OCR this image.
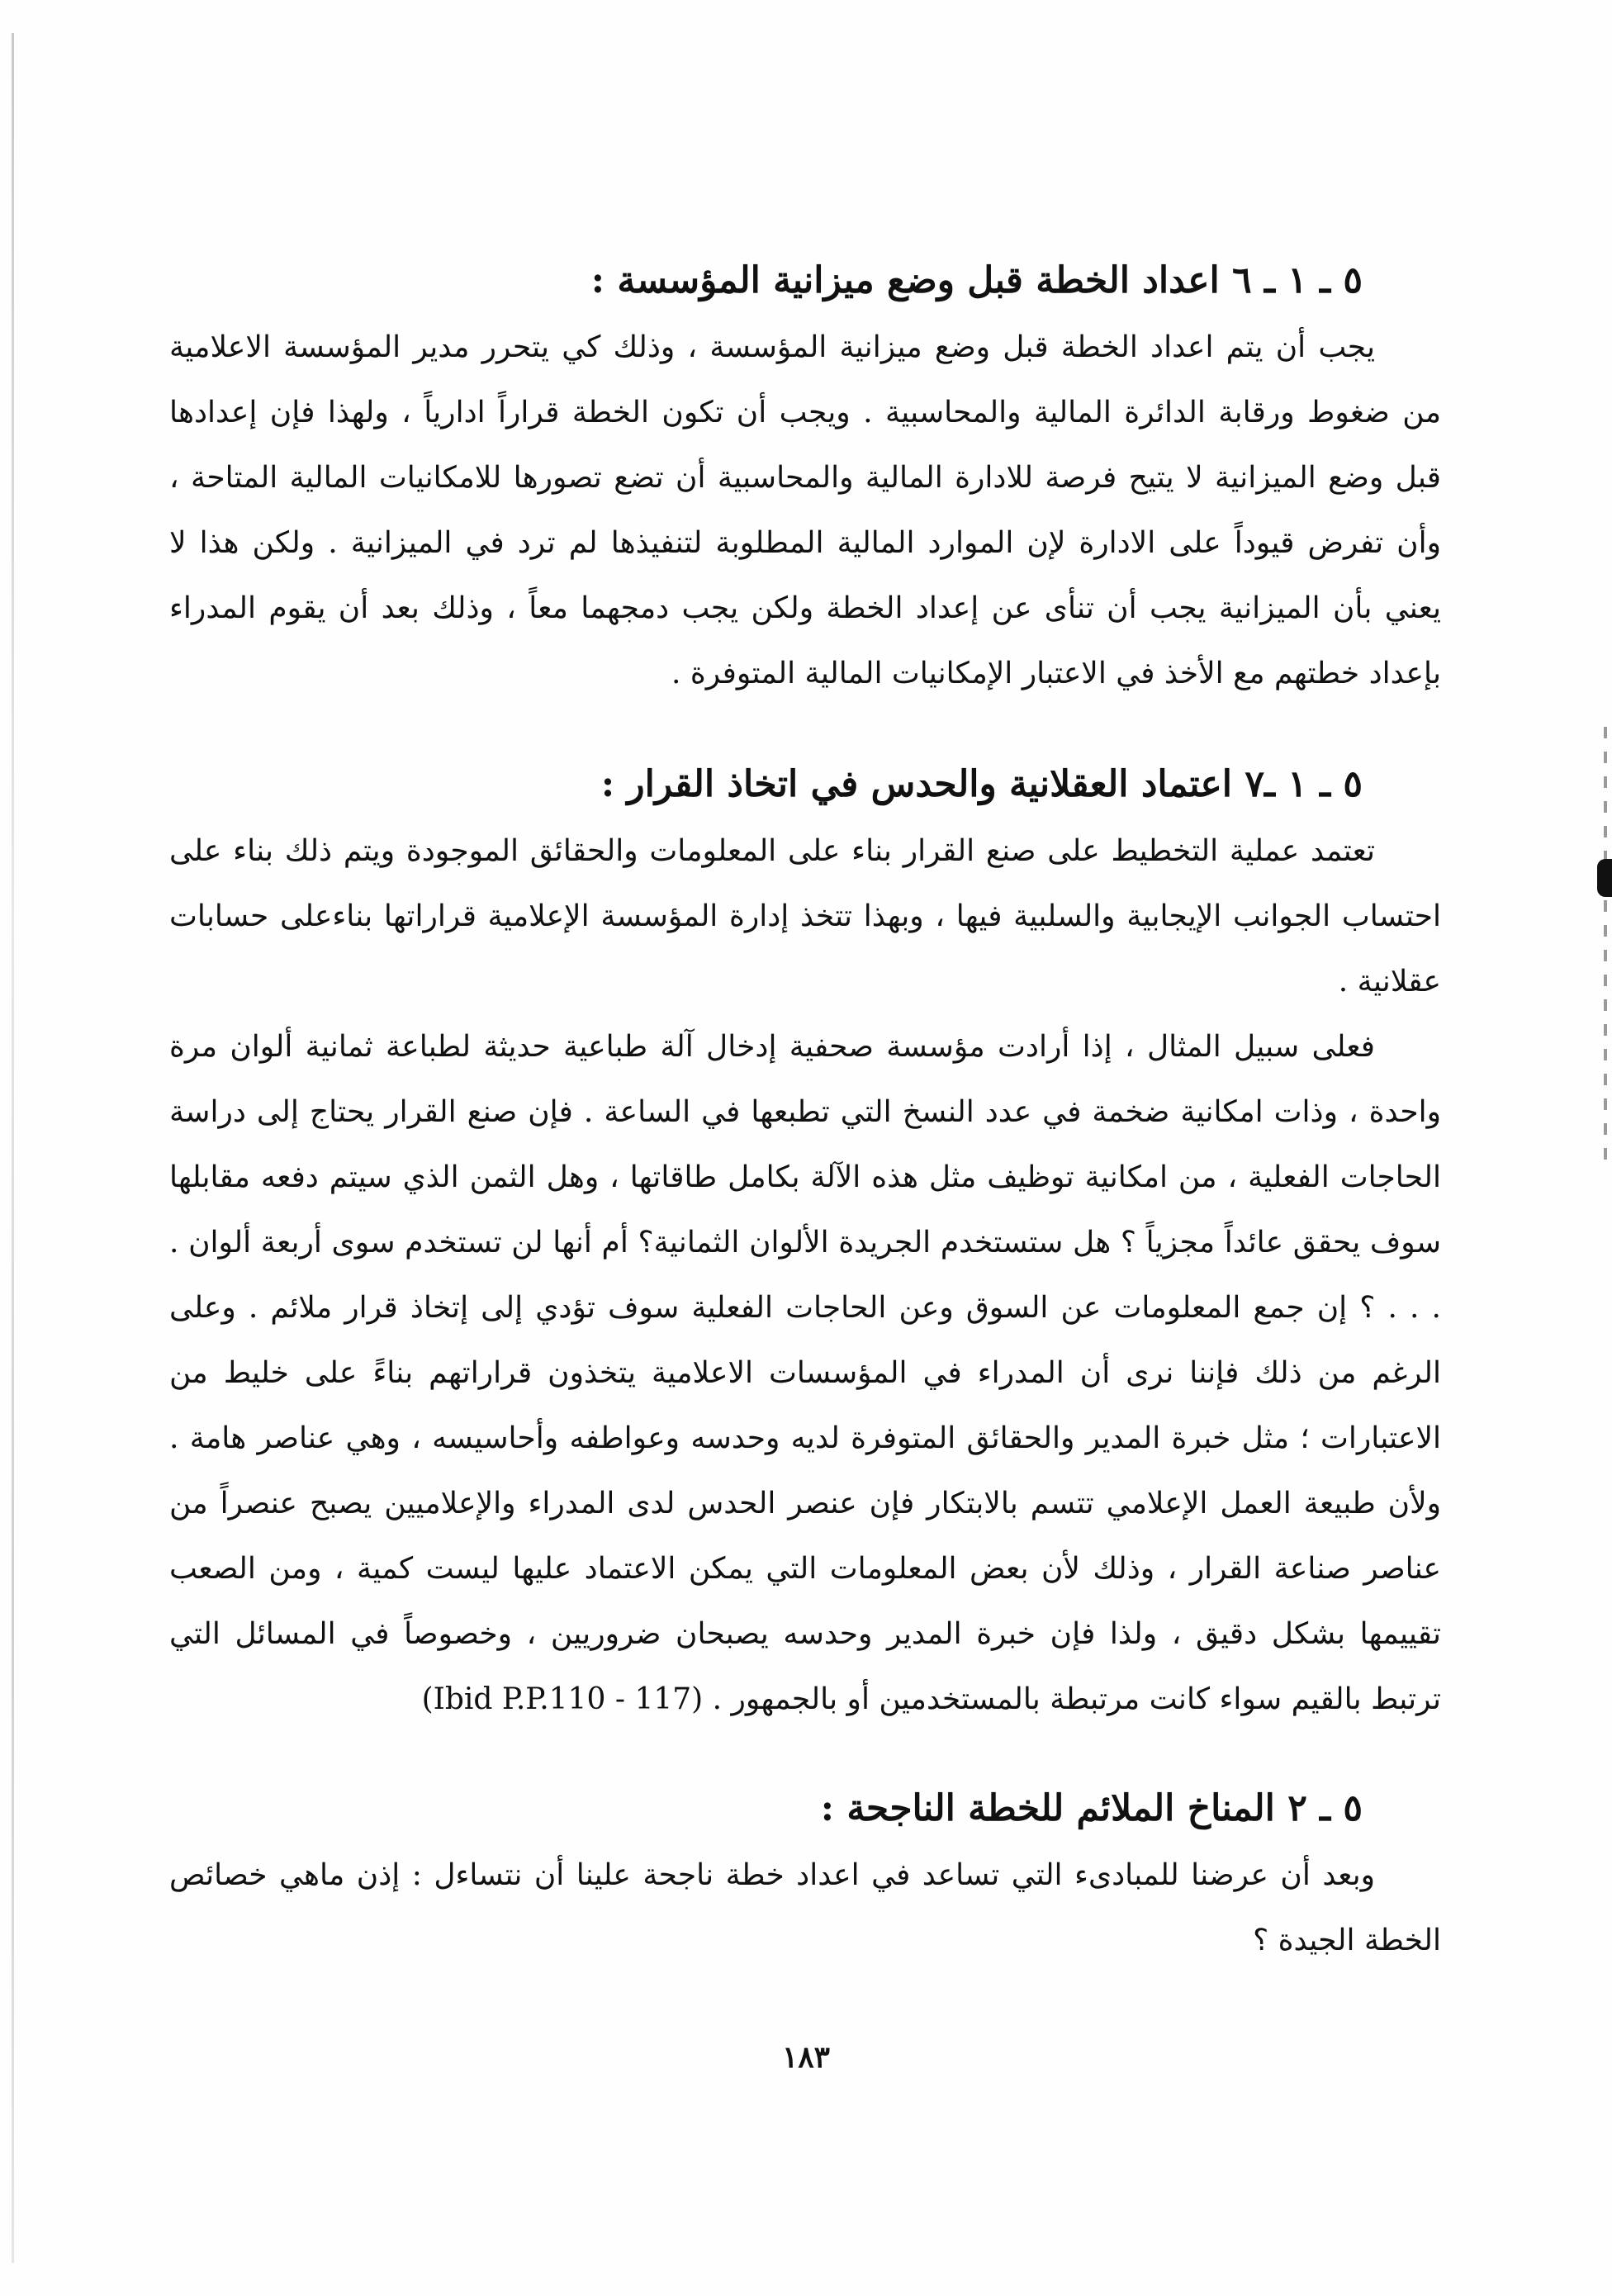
٥ ـ ١ ـ ٦ اعداد الخطة قبل وضع ميزانية المؤسسة :

يجب أن يتم اعداد الخطة قبل وضع ميزانية المؤسسة ، وذلك كي يتحرر مدير المؤسسة الاعلامية من ضغوط ورقابة الدائرة المالية والمحاسبية . ويجب أن تكون الخطة قراراً ادارياً ، ولهذا فإن إعدادها قبل وضع الميزانية لا يتيح فرصة للادارة المالية والمحاسبية أن تضع تصورها للامكانيات المالية المتاحة ، وأن تفرض قيوداً على الادارة لإن الموارد المالية المطلوبة لتنفيذها لم ترد في الميزانية . ولكن هذا لا يعني بأن الميزانية يجب أن تنأى عن إعداد الخطة ولكن يجب دمجهما معاً ، وذلك بعد أن يقوم المدراء بإعداد خطتهم مع الأخذ في الاعتبار الإمكانيات المالية المتوفرة .

٥ ـ ١ ـ٧ اعتماد العقلانية والحدس في اتخاذ القرار :

تعتمد عملية التخطيط على صنع القرار بناء على المعلومات والحقائق الموجودة ويتم ذلك بناء على احتساب الجوانب الإيجابية والسلبية فيها ، وبهذا تتخذ إدارة المؤسسة الإعلامية قراراتها بناءعلى حسابات عقلانية .

فعلى سبيل المثال ، إذا أرادت مؤسسة صحفية إدخال آلة طباعية حديثة لطباعة ثمانية ألوان مرة واحدة ، وذات امكانية ضخمة في عدد النسخ التي تطبعها في الساعة . فإن صنع القرار يحتاج إلى دراسة الحاجات الفعلية ، من امكانية توظيف مثل هذه الآلة بكامل طاقاتها ، وهل الثمن الذي سيتم دفعه مقابلها سوف يحقق عائداً مجزياً ؟ هل ستستخدم الجريدة الألوان الثمانية؟ أم أنها لن تستخدم سوى أربعة ألوان . . . . ؟ إن جمع المعلومات عن السوق وعن الحاجات الفعلية سوف تؤدي إلى إتخاذ قرار ملائم . وعلى الرغم من ذلك فإننا نرى أن المدراء في المؤسسات الاعلامية يتخذون قراراتهم بناءً على خليط من الاعتبارات ؛ مثل خبرة المدير والحقائق المتوفرة لديه وحدسه وعواطفه وأحاسيسه ، وهي عناصر هامة . ولأن طبيعة العمل الإعلامي تتسم بالابتكار فإن عنصر الحدس لدى المدراء والإعلاميين يصبح عنصراً من عناصر صناعة القرار ، وذلك لأن بعض المعلومات التي يمكن الاعتماد عليها ليست كمية ، ومن الصعب تقييمها بشكل دقيق ، ولذا فإن خبرة المدير وحدسه يصبحان ضروريين ، وخصوصاً في المسائل التي ترتبط بالقيم سواء كانت مرتبطة بالمستخدمين أو بالجمهور . (117 - Ibid P.P.110)

٥ ـ ٢ المناخ الملائم للخطة الناجحة :

وبعد أن عرضنا للمبادىء التي تساعد في اعداد خطة ناجحة علينا أن نتساءل : إذن ماهي خصائص الخطة الجيدة ؟

١٨٣
